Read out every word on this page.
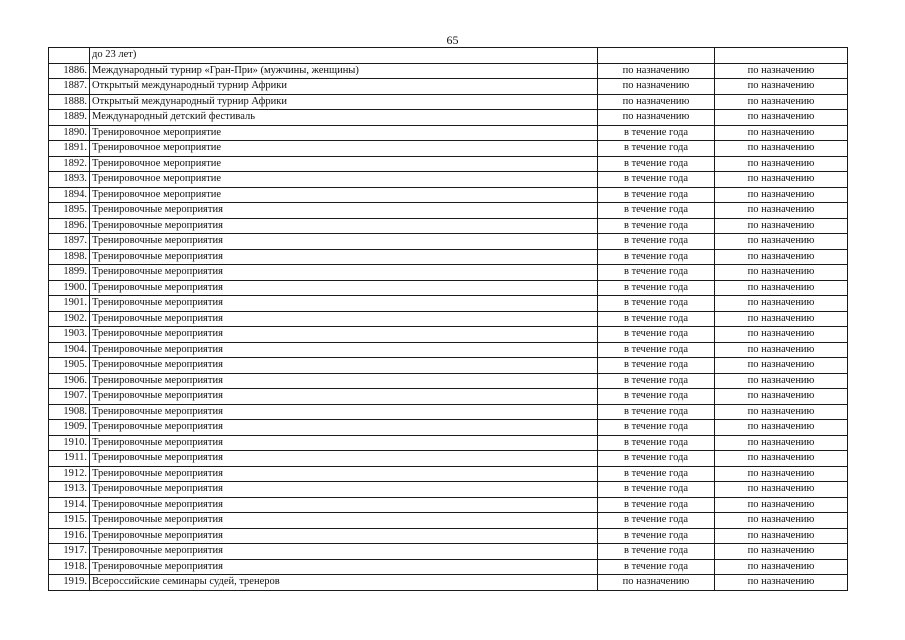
65
	до 23 лет)		
1886.	Международный турнир «Гран-При» (мужчины, женщины)	по назначению	по назначению
1887.	Открытый международный турнир Африки	по назначению	по назначению
1888.	Открытый международный турнир Африки	по назначению	по назначению
1889.	Международный детский фестиваль	по назначению	по назначению
1890.	Тренировочное мероприятие	в течение года	по назначению
1891.	Тренировочное мероприятие	в течение года	по назначению
1892.	Тренировочное мероприятие	в течение года	по назначению
1893.	Тренировочное мероприятие	в течение года	по назначению
1894.	Тренировочное мероприятие	в течение года	по назначению
1895.	Тренировочные мероприятия	в течение года	по назначению
1896.	Тренировочные мероприятия	в течение года	по назначению
1897.	Тренировочные мероприятия	в течение года	по назначению
1898.	Тренировочные мероприятия	в течение года	по назначению
1899.	Тренировочные мероприятия	в течение года	по назначению
1900.	Тренировочные мероприятия	в течение года	по назначению
1901.	Тренировочные мероприятия	в течение года	по назначению
1902.	Тренировочные мероприятия	в течение года	по назначению
1903.	Тренировочные мероприятия	в течение года	по назначению
1904.	Тренировочные мероприятия	в течение года	по назначению
1905.	Тренировочные мероприятия	в течение года	по назначению
1906.	Тренировочные мероприятия	в течение года	по назначению
1907.	Тренировочные мероприятия	в течение года	по назначению
1908.	Тренировочные мероприятия	в течение года	по назначению
1909.	Тренировочные мероприятия	в течение года	по назначению
1910.	Тренировочные мероприятия	в течение года	по назначению
1911.	Тренировочные мероприятия	в течение года	по назначению
1912.	Тренировочные мероприятия	в течение года	по назначению
1913.	Тренировочные мероприятия	в течение года	по назначению
1914.	Тренировочные мероприятия	в течение года	по назначению
1915.	Тренировочные мероприятия	в течение года	по назначению
1916.	Тренировочные мероприятия	в течение года	по назначению
1917.	Тренировочные мероприятия	в течение года	по назначению
1918.	Тренировочные мероприятия	в течение года	по назначению
1919.	Всероссийские семинары судей, тренеров	по назначению	по назначению
